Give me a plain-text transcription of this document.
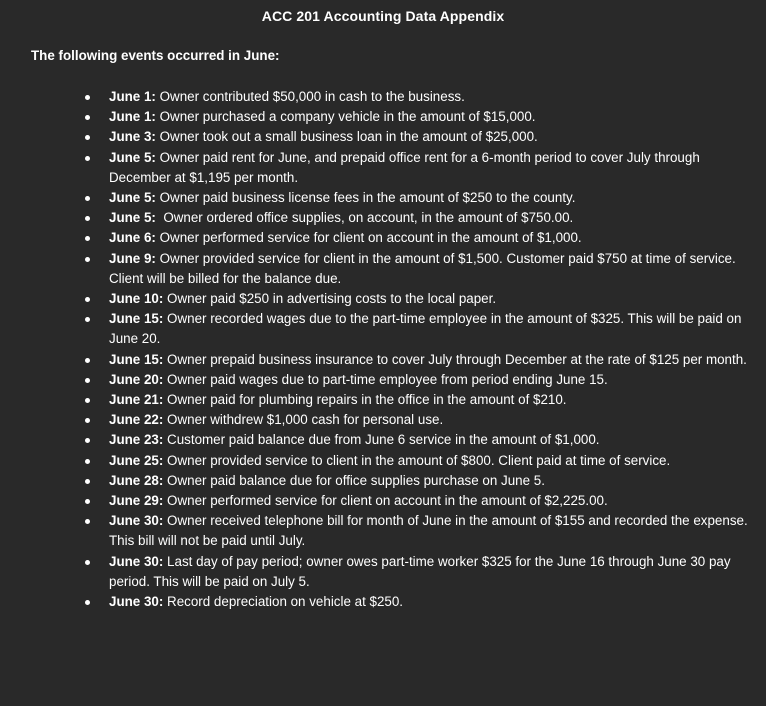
ACC 201 Accounting Data Appendix
The following events occurred in June:
June 1: Owner contributed $50,000 in cash to the business.
June 1: Owner purchased a company vehicle in the amount of $15,000.
June 3: Owner took out a small business loan in the amount of $25,000.
June 5: Owner paid rent for June, and prepaid office rent for a 6-month period to cover July through December at $1,195 per month.
June 5: Owner paid business license fees in the amount of $250 to the county.
June 5:  Owner ordered office supplies, on account, in the amount of $750.00.
June 6: Owner performed service for client on account in the amount of $1,000.
June 9: Owner provided service for client in the amount of $1,500. Customer paid $750 at time of service. Client will be billed for the balance due.
June 10: Owner paid $250 in advertising costs to the local paper.
June 15: Owner recorded wages due to the part-time employee in the amount of $325. This will be paid on June 20.
June 15: Owner prepaid business insurance to cover July through December at the rate of $125 per month.
June 20: Owner paid wages due to part-time employee from period ending June 15.
June 21: Owner paid for plumbing repairs in the office in the amount of $210.
June 22: Owner withdrew $1,000 cash for personal use.
June 23: Customer paid balance due from June 6 service in the amount of $1,000.
June 25: Owner provided service to client in the amount of $800. Client paid at time of service.
June 28: Owner paid balance due for office supplies purchase on June 5.
June 29: Owner performed service for client on account in the amount of $2,225.00.
June 30: Owner received telephone bill for month of June in the amount of $155 and recorded the expense. This bill will not be paid until July.
June 30: Last day of pay period; owner owes part-time worker $325 for the June 16 through June 30 pay period. This will be paid on July 5.
June 30: Record depreciation on vehicle at $250.
